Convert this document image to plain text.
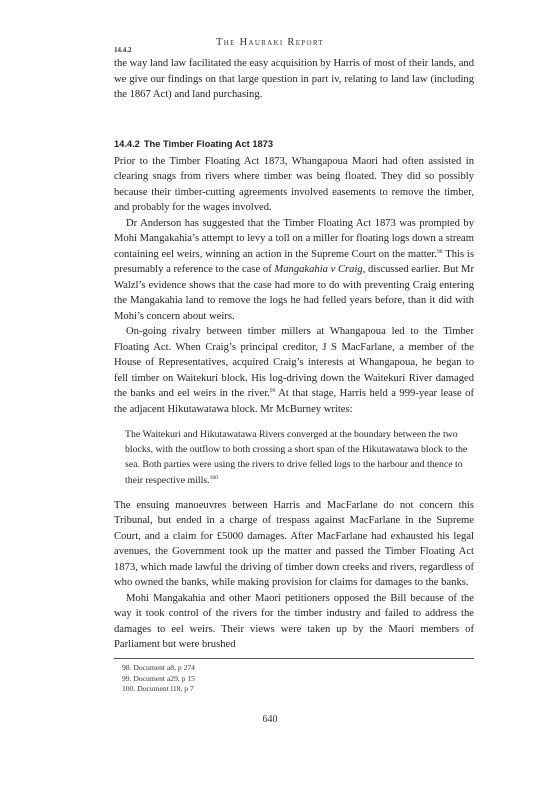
The Hauraki Report
14.4.2

the way land law facilitated the easy acquisition by Harris of most of their lands, and we give our findings on that large question in part iv, relating to land law (including the 1867 Act) and land purchasing.

14.4.2 The Timber Floating Act 1873

Prior to the Timber Floating Act 1873, Whangapoua Maori had often assisted in clearing snags from rivers where timber was being floated. They did so possibly because their timber-cutting agreements involved easements to remove the timber, and probably for the wages involved.

Dr Anderson has suggested that the Timber Floating Act 1873 was prompted by Mohi Mangakahia’s attempt to levy a toll on a miller for floating logs down a stream containing eel weirs, winning an action in the Supreme Court on the matter.$^{98}$ This is presumably a reference to the case of Mangakahia v Craig, discussed earlier. But Mr Walzl’s evidence shows that the case had more to do with preventing Craig entering the Mangakahia land to remove the logs he had felled years before, than it did with Mohi’s concern about weirs.

On-going rivalry between timber millers at Whangapoua led to the Timber Floating Act. When Craig’s principal creditor, J S MacFarlane, a member of the House of Representatives, acquired Craig’s interests at Whangapoua, he began to fell timber on Waitekuri block. His log-driving down the Waitekuri River damaged the banks and eel weirs in the river.$^{99}$ At that stage, Harris held a 999-year lease of the adjacent Hikutawatawa block. Mr McBurney writes:

The Waitekuri and Hikutawatawa Rivers converged at the boundary between the two blocks, with the outflow to both crossing a short span of the Hikutawatawa block to the sea. Both parties were using the rivers to drive felled logs to the harbour and thence to their respective mills.$^{100}$

The ensuing manoeuvres between Harris and MacFarlane do not concern this Tribunal, but ended in a charge of trespass against MacFarlane in the Supreme Court, and a claim for £5000 damages. After MacFarlane had exhausted his legal avenues, the Government took up the matter and passed the Timber Floating Act 1873, which made lawful the driving of timber down creeks and rivers, regardless of who owned the banks, while making provision for claims for damages to the banks.

Mohi Mangakahia and other Maori petitioners opposed the Bill because of the way it took control of the rivers for the timber industry and failed to address the damages to eel weirs. Their views were taken up by the Maori members of Parliament but were brushed

98. Document a8, p 274
99. Document a29, p 15
100. Document l18, p 7
640
